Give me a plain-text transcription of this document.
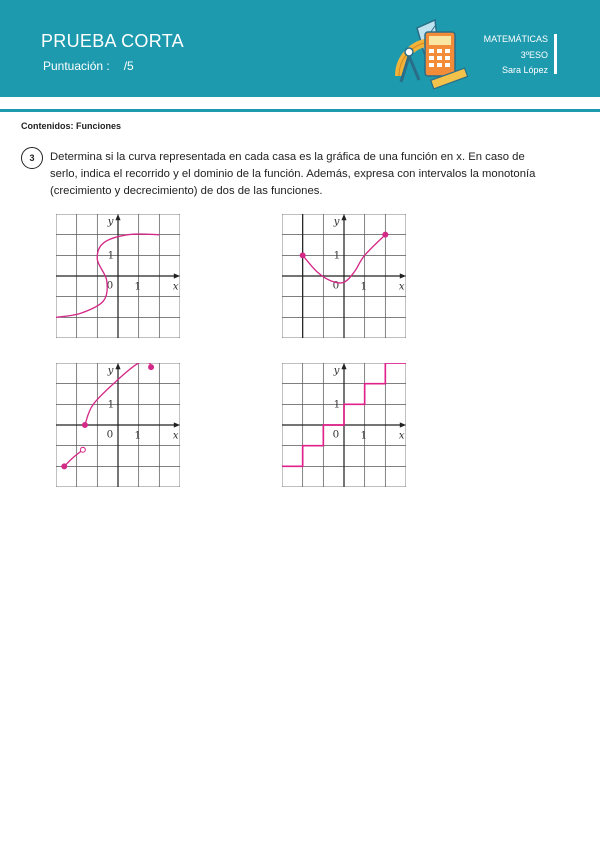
PRUEBA CORTA
Puntuación : /5
MATEMÁTICAS
3ºESO
Sara López
Contenidos: Funciones
3	Determina si la curva representada en cada casa es la gráfica de una función en x. En caso de serlo, indica el recorrido y el dominio de la función. Además, expresa con intervalos la monotonía (crecimiento y decrecimiento) de dos de las funciones.
y
x
0 1
1
y
x
0 1
1
y
x
0 1
1
y
x
0 1
1
